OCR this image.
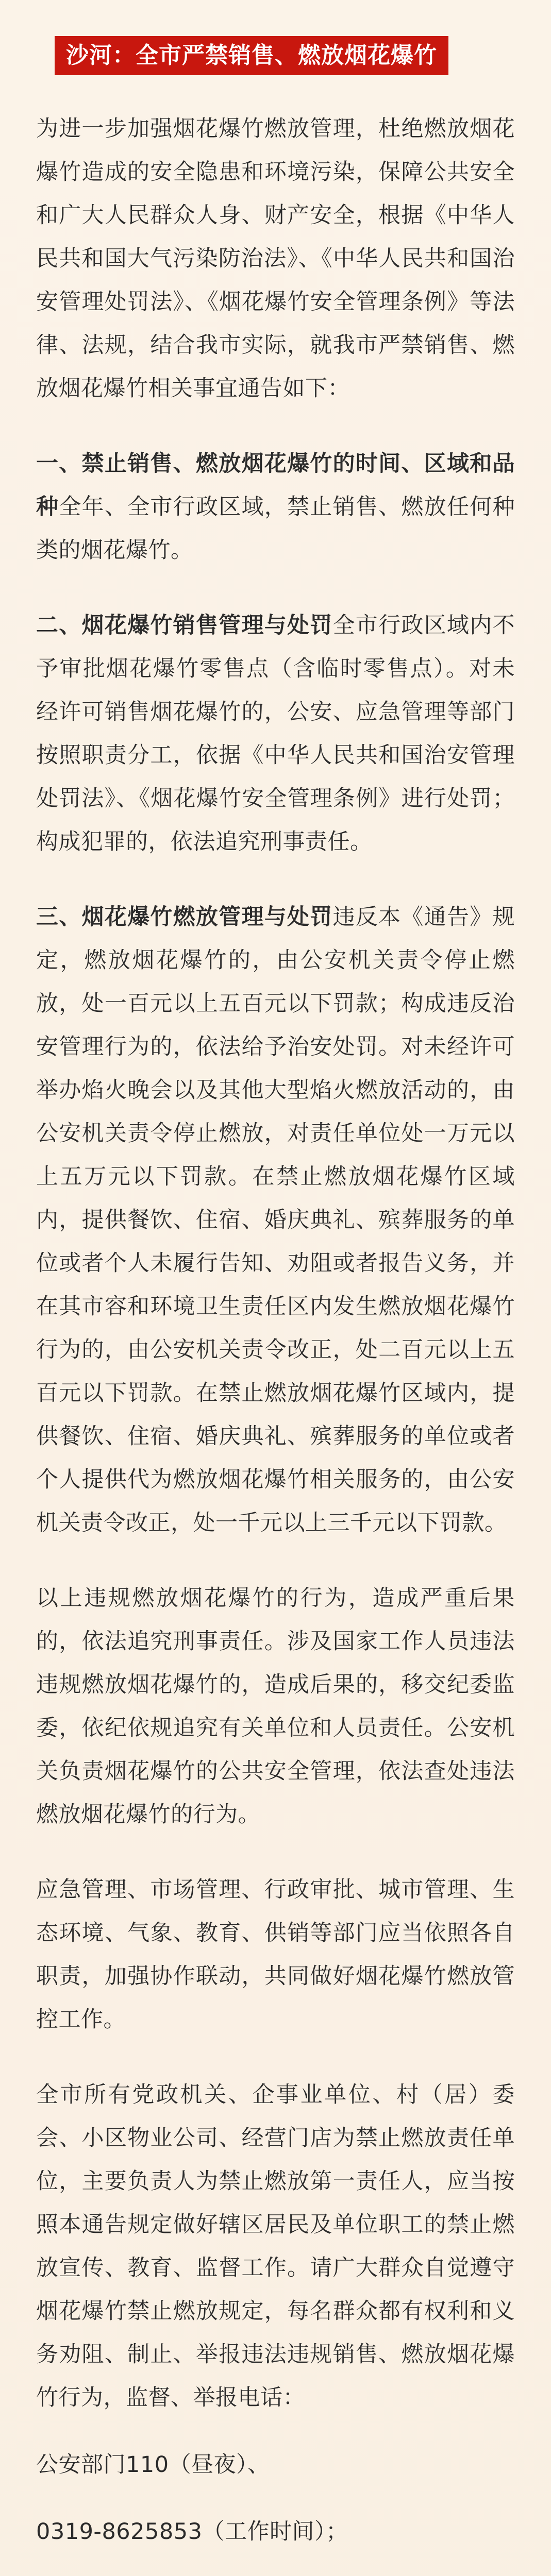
沙河：全市严禁销售、燃放烟花爆竹

为进一步加强烟花爆竹燃放管理，杜绝燃放烟花爆竹造成的安全隐患和环境污染，保障公共安全和广大人民群众人身、财产安全，根据《中华人民共和国大气污染防治法》、《中华人民共和国治安管理处罚法》、《烟花爆竹安全管理条例》等法律、法规，结合我市实际，就我市严禁销售、燃放烟花爆竹相关事宜通告如下：

一、禁止销售、燃放烟花爆竹的时间、区域和品种全年、全市行政区域，禁止销售、燃放任何种类的烟花爆竹。

二、烟花爆竹销售管理与处罚全市行政区域内不予审批烟花爆竹零售点（含临时零售点）。对未经许可销售烟花爆竹的，公安、应急管理等部门按照职责分工，依据《中华人民共和国治安管理处罚法》、《烟花爆竹安全管理条例》进行处罚；构成犯罪的，依法追究刑事责任。

三、烟花爆竹燃放管理与处罚违反本《通告》规定，燃放烟花爆竹的，由公安机关责令停止燃放，处一百元以上五百元以下罚款；构成违反治安管理行为的，依法给予治安处罚。对未经许可举办焰火晚会以及其他大型焰火燃放活动的，由公安机关责令停止燃放，对责任单位处一万元以上五万元以下罚款。在禁止燃放烟花爆竹区域内，提供餐饮、住宿、婚庆典礼、殡葬服务的单位或者个人未履行告知、劝阻或者报告义务，并在其市容和环境卫生责任区内发生燃放烟花爆竹行为的，由公安机关责令改正，处二百元以上五百元以下罚款。在禁止燃放烟花爆竹区域内，提供餐饮、住宿、婚庆典礼、殡葬服务的单位或者个人提供代为燃放烟花爆竹相关服务的，由公安机关责令改正，处一千元以上三千元以下罚款。

以上违规燃放烟花爆竹的行为，造成严重后果的，依法追究刑事责任。涉及国家工作人员违法违规燃放烟花爆竹的，造成后果的，移交纪委监委，依纪依规追究有关单位和人员责任。公安机关负责烟花爆竹的公共安全管理，依法查处违法燃放烟花爆竹的行为。

应急管理、市场管理、行政审批、城市管理、生态环境、气象、教育、供销等部门应当依照各自职责，加强协作联动，共同做好烟花爆竹燃放管控工作。

全市所有党政机关、企事业单位、村（居）委会、小区物业公司、经营门店为禁止燃放责任单位，主要负责人为禁止燃放第一责任人，应当按照本通告规定做好辖区居民及单位职工的禁止燃放宣传、教育、监督工作。请广大群众自觉遵守烟花爆竹禁止燃放规定，每名群众都有权利和义务劝阻、制止、举报违法违规销售、燃放烟花爆竹行为，监督、举报电话：

公安部门110（昼夜）、

0319-8625853（工作时间）；
